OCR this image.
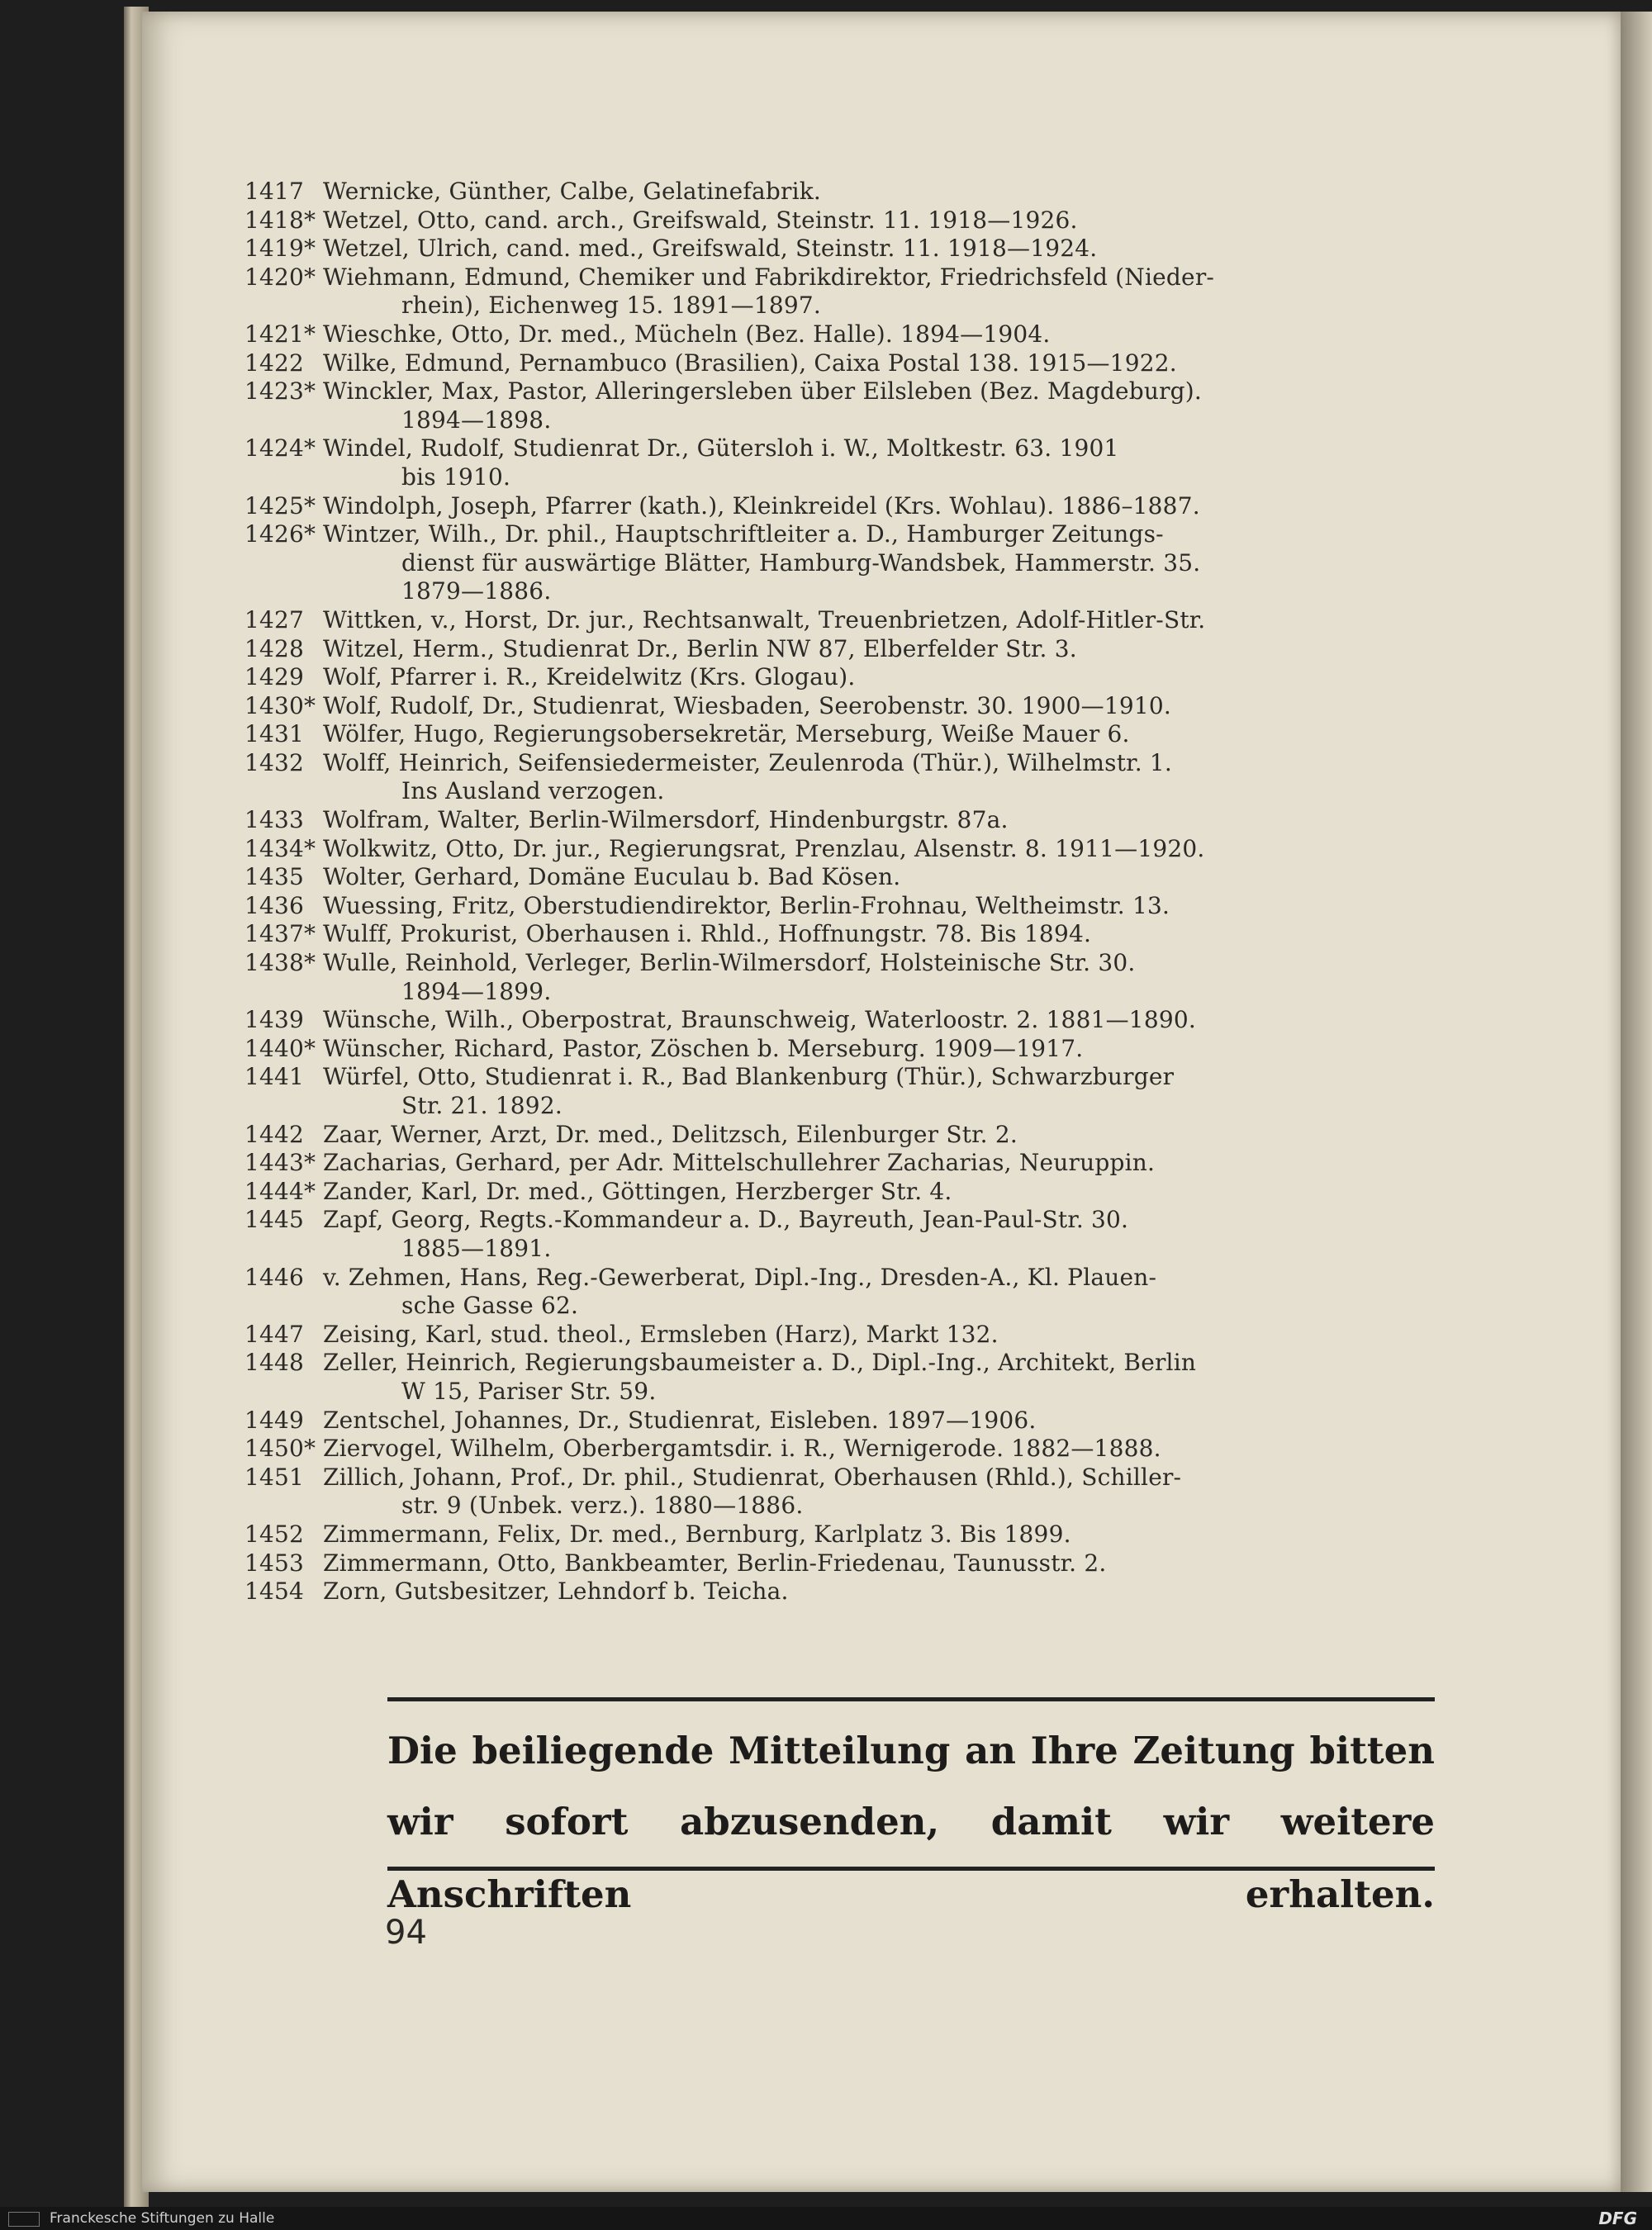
1417 Wernicke, Günther, Calbe, Gelatinefabrik.
1418* Wetzel, Otto, cand. arch., Greifswald, Steinstr. 11. 1918—1926.
1419* Wetzel, Ulrich, cand. med., Greifswald, Steinstr. 11. 1918—1924.
1420* Wiehmann, Edmund, Chemiker und Fabrikdirektor, Friedrichsfeld (Nieder-
rhein), Eichenweg 15. 1891—1897.
1421* Wieschke, Otto, Dr. med., Mücheln (Bez. Halle). 1894—1904.
1422 Wilke, Edmund, Pernambuco (Brasilien), Caixa Postal 138. 1915—1922.
1423* Winckler, Max, Pastor, Alleringersleben über Eilsleben (Bez. Magdeburg).
1894—1898.
1424* Windel, Rudolf, Studienrat Dr., Gütersloh i. W., Moltkestr. 63. 1901
bis 1910.
1425* Windolph, Joseph, Pfarrer (kath.), Kleinkreidel (Krs. Wohlau). 1886–1887.
1426* Wintzer, Wilh., Dr. phil., Hauptschriftleiter a. D., Hamburger Zeitungs-
dienst für auswärtige Blätter, Hamburg-Wandsbek, Hammerstr. 35.
1879—1886.
1427 Wittken, v., Horst, Dr. jur., Rechtsanwalt, Treuenbrietzen, Adolf-Hitler-Str.
1428 Witzel, Herm., Studienrat Dr., Berlin NW 87, Elberfelder Str. 3.
1429 Wolf, Pfarrer i. R., Kreidelwitz (Krs. Glogau).
1430* Wolf, Rudolf, Dr., Studienrat, Wiesbaden, Seerobenstr. 30. 1900—1910.
1431 Wölfer, Hugo, Regierungsobersekretär, Merseburg, Weiße Mauer 6.
1432 Wolff, Heinrich, Seifensiedermeister, Zeulenroda (Thür.), Wilhelmstr. 1.
Ins Ausland verzogen.
1433 Wolfram, Walter, Berlin-Wilmersdorf, Hindenburgstr. 87a.
1434* Wolkwitz, Otto, Dr. jur., Regierungsrat, Prenzlau, Alsenstr. 8. 1911—1920.
1435 Wolter, Gerhard, Domäne Euculau b. Bad Kösen.
1436 Wuessing, Fritz, Oberstudiendirektor, Berlin-Frohnau, Weltheimstr. 13.
1437* Wulff, Prokurist, Oberhausen i. Rhld., Hoffnungstr. 78. Bis 1894.
1438* Wulle, Reinhold, Verleger, Berlin-Wilmersdorf, Holsteinische Str. 30.
1894—1899.
1439 Wünsche, Wilh., Oberpostrat, Braunschweig, Waterloostr. 2. 1881—1890.
1440* Wünscher, Richard, Pastor, Zöschen b. Merseburg. 1909—1917.
1441 Würfel, Otto, Studienrat i. R., Bad Blankenburg (Thür.), Schwarzburger
Str. 21. 1892.
1442 Zaar, Werner, Arzt, Dr. med., Delitzsch, Eilenburger Str. 2.
1443* Zacharias, Gerhard, per Adr. Mittelschullehrer Zacharias, Neuruppin.
1444* Zander, Karl, Dr. med., Göttingen, Herzberger Str. 4.
1445 Zapf, Georg, Regts.-Kommandeur a. D., Bayreuth, Jean-Paul-Str. 30.
1885—1891.
1446 v. Zehmen, Hans, Reg.-Gewerberat, Dipl.-Ing., Dresden-A., Kl. Plauen-
sche Gasse 62.
1447 Zeising, Karl, stud. theol., Ermsleben (Harz), Markt 132.
1448 Zeller, Heinrich, Regierungsbaumeister a. D., Dipl.-Ing., Architekt, Berlin
W 15, Pariser Str. 59.
1449 Zentschel, Johannes, Dr., Studienrat, Eisleben. 1897—1906.
1450* Ziervogel, Wilhelm, Oberbergamtsdir. i. R., Wernigerode. 1882—1888.
1451 Zillich, Johann, Prof., Dr. phil., Studienrat, Oberhausen (Rhld.), Schiller-
str. 9 (Unbek. verz.). 1880—1886.
1452 Zimmermann, Felix, Dr. med., Bernburg, Karlplatz 3. Bis 1899.
1453 Zimmermann, Otto, Bankbeamter, Berlin-Friedenau, Taunusstr. 2.
1454 Zorn, Gutsbesitzer, Lehndorf b. Teicha.
Die beiliegende Mitteilung an Ihre Zeitung bitten
wir sofort abzusenden, damit wir weitere Anschriften erhalten.
94
Franckesche Stiftungen zu Halle	DFG
